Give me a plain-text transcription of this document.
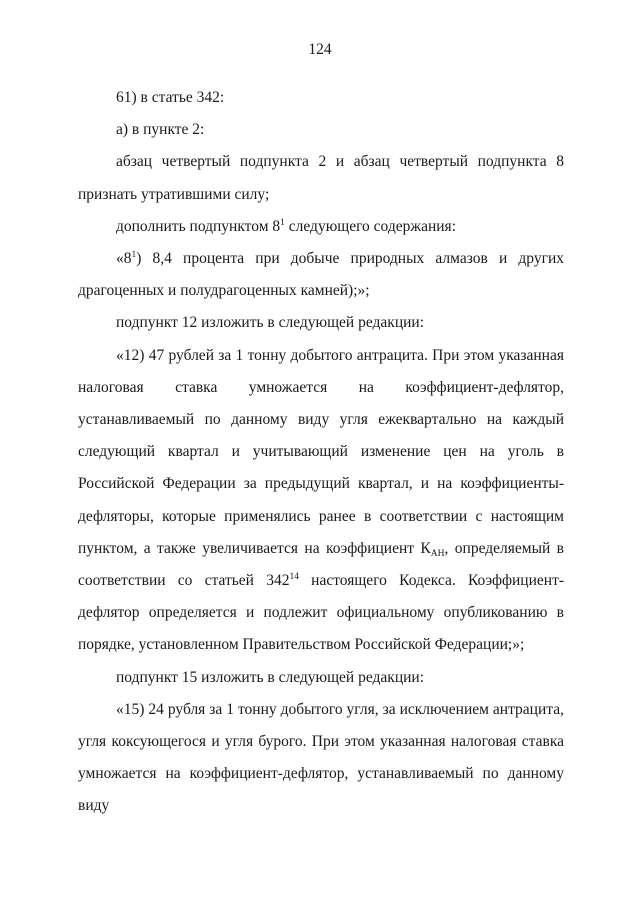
124

61) в статье 342:

а) в пункте 2:

абзац четвертый подпункта 2 и абзац четвертый подпункта 8 признать утратившими силу;

дополнить подпунктом $8^1$ следующего содержания:

«$8^1$) 8,4 процента при добыче природных алмазов и других драгоценных и полудрагоценных камней);»;

подпункт 12 изложить в следующей редакции:

«12) 47 рублей за 1 тонну добытого антрацита. При этом указанная налоговая ставка умножается на коэффициент-дефлятор, устанавливаемый по данному виду угля ежеквартально на каждый следующий квартал и учитывающий изменение цен на уголь в Российской Федерации за предыдущий квартал, и на коэффициенты-дефляторы, которые применялись ранее в соответствии с настоящим пунктом, а также увеличивается на коэффициент $К_{АН}$, определяемый в соответствии со статьей $342^{14}$ настоящего Кодекса. Коэффициент-дефлятор определяется и подлежит официальному опубликованию в порядке, установленном Правительством Российской Федерации;»;

подпункт 15 изложить в следующей редакции:

«15) 24 рубля за 1 тонну добытого угля, за исключением антрацита, угля коксующегося и угля бурого. При этом указанная налоговая ставка умножается на коэффициент-дефлятор, устанавливаемый по данному виду
